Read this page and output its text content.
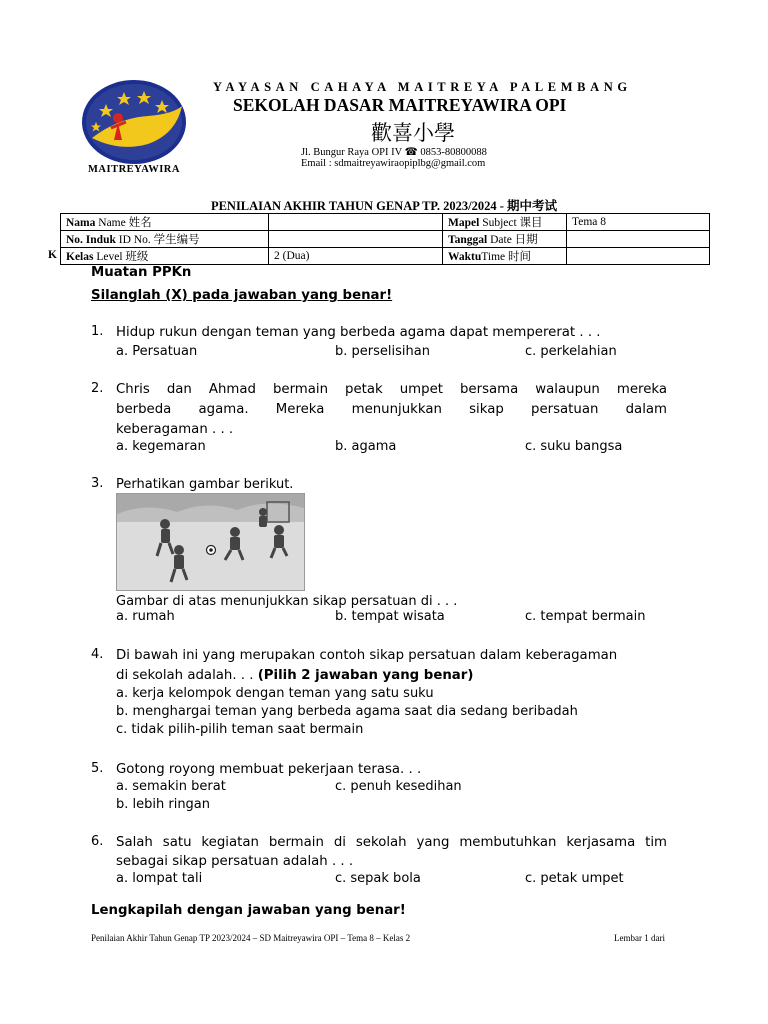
MAITREYAWIRA
YAYASAN CAHAYA MAITREYA PALEMBANG
SEKOLAH DASAR MAITREYAWIRA OPI
歡喜小學
Jl. Bungur Raya OPI IV ☎ 0853-80800088
Email : sdmaitreyawiraopiplbg@gmail.com
PENILAIAN AKHIR TAHUN GENAP TP. 2023/2024 - 期中考试
K
Nama Name 姓名		Mapel Subject 课目	Tema 8
No. Induk ID No. 学生编号		Tanggal Date 日期	
Kelas Level 班级	2 (Dua)	WaktuTime 时间	
Muatan PPKn
Silanglah (X) pada jawaban yang benar!
1. Hidup rukun dengan teman yang berbeda agama dapat mempererat . . .
a. Persatuan	b. perselisihan	c. perkelahian
2. Chris dan Ahmad bermain petak umpet bersama walaupun mereka
berbeda agama. Mereka menunjukkan sikap persatuan dalam
keberagaman . . .
a. kegemaran	b. agama	c. suku bangsa
3. Perhatikan gambar berikut.
Gambar di atas menunjukkan sikap persatuan di . . .
a. rumah	b. tempat wisata	c. tempat bermain
4. Di bawah ini yang merupakan contoh sikap persatuan dalam keberagaman
di sekolah adalah. . . (Pilih 2 jawaban yang benar)
a. kerja kelompok dengan teman yang satu suku
b. menghargai teman yang berbeda agama saat dia sedang beribadah
c. tidak pilih-pilih teman saat bermain
5. Gotong royong membuat pekerjaan terasa. . .
a. semakin berat	c. penuh kesedihan
b. lebih ringan
6. Salah satu kegiatan bermain di sekolah yang membutuhkan kerjasama tim
sebagai sikap persatuan adalah . . .
a. lompat tali	c. sepak bola	c. petak umpet
Lengkapilah dengan jawaban yang benar!
Penilaian Akhir Tahun Genap TP 2023/2024 – SD Maitreyawira OPI – Tema 8 – Kelas 2	Lembar 1 dari
